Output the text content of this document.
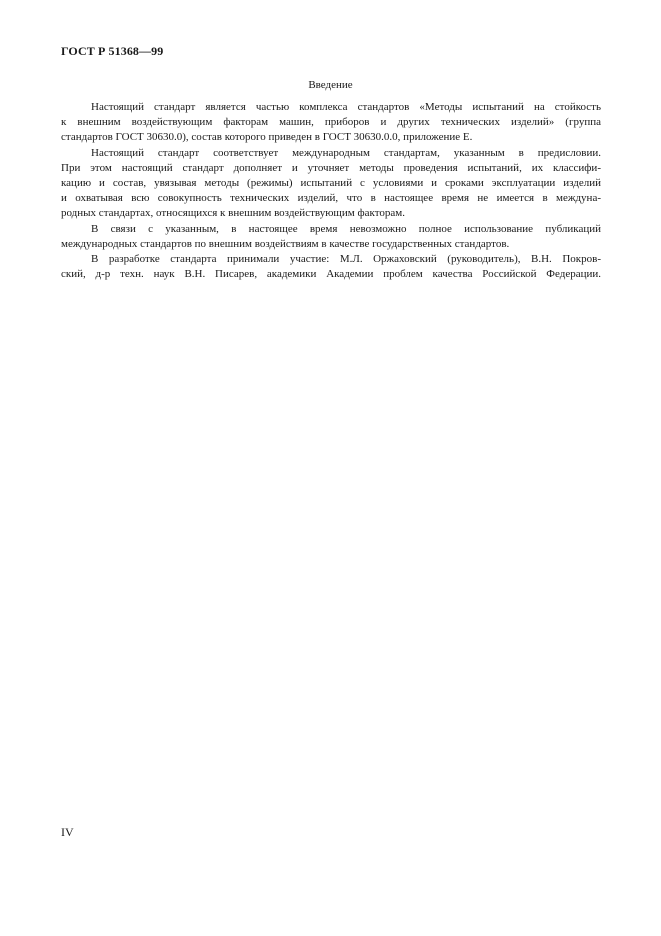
ГОСТ Р 51368—99
Введение
Настоящий стандарт является частью комплекса стандартов «Методы испытаний на стойкость
к внешним воздействующим факторам машин, приборов и других технических изделий» (группа
стандартов ГОСТ 30630.0), состав которого приведен в ГОСТ 30630.0.0, приложение Е.
Настоящий стандарт соответствует международным стандартам, указанным в предисловии.
При этом настоящий стандарт дополняет и уточняет методы проведения испытаний, их классифи-
кацию и состав, увязывая методы (режимы) испытаний с условиями и сроками эксплуатации изделий
и охватывая всю совокупность технических изделий, что в настоящее время не имеется в междуна-
родных стандартах, относящихся к внешним воздействующим факторам.
В связи с указанным, в настоящее время невозможно полное использование публикаций
международных стандартов по внешним воздействиям в качестве государственных стандартов.
В разработке стандарта принимали участие: М.Л. Оржаховский (руководитель), В.Н. Покров-
ский, д-р техн. наук В.Н. Писарев, академики Академии проблем качества Российской Федерации.
IV
